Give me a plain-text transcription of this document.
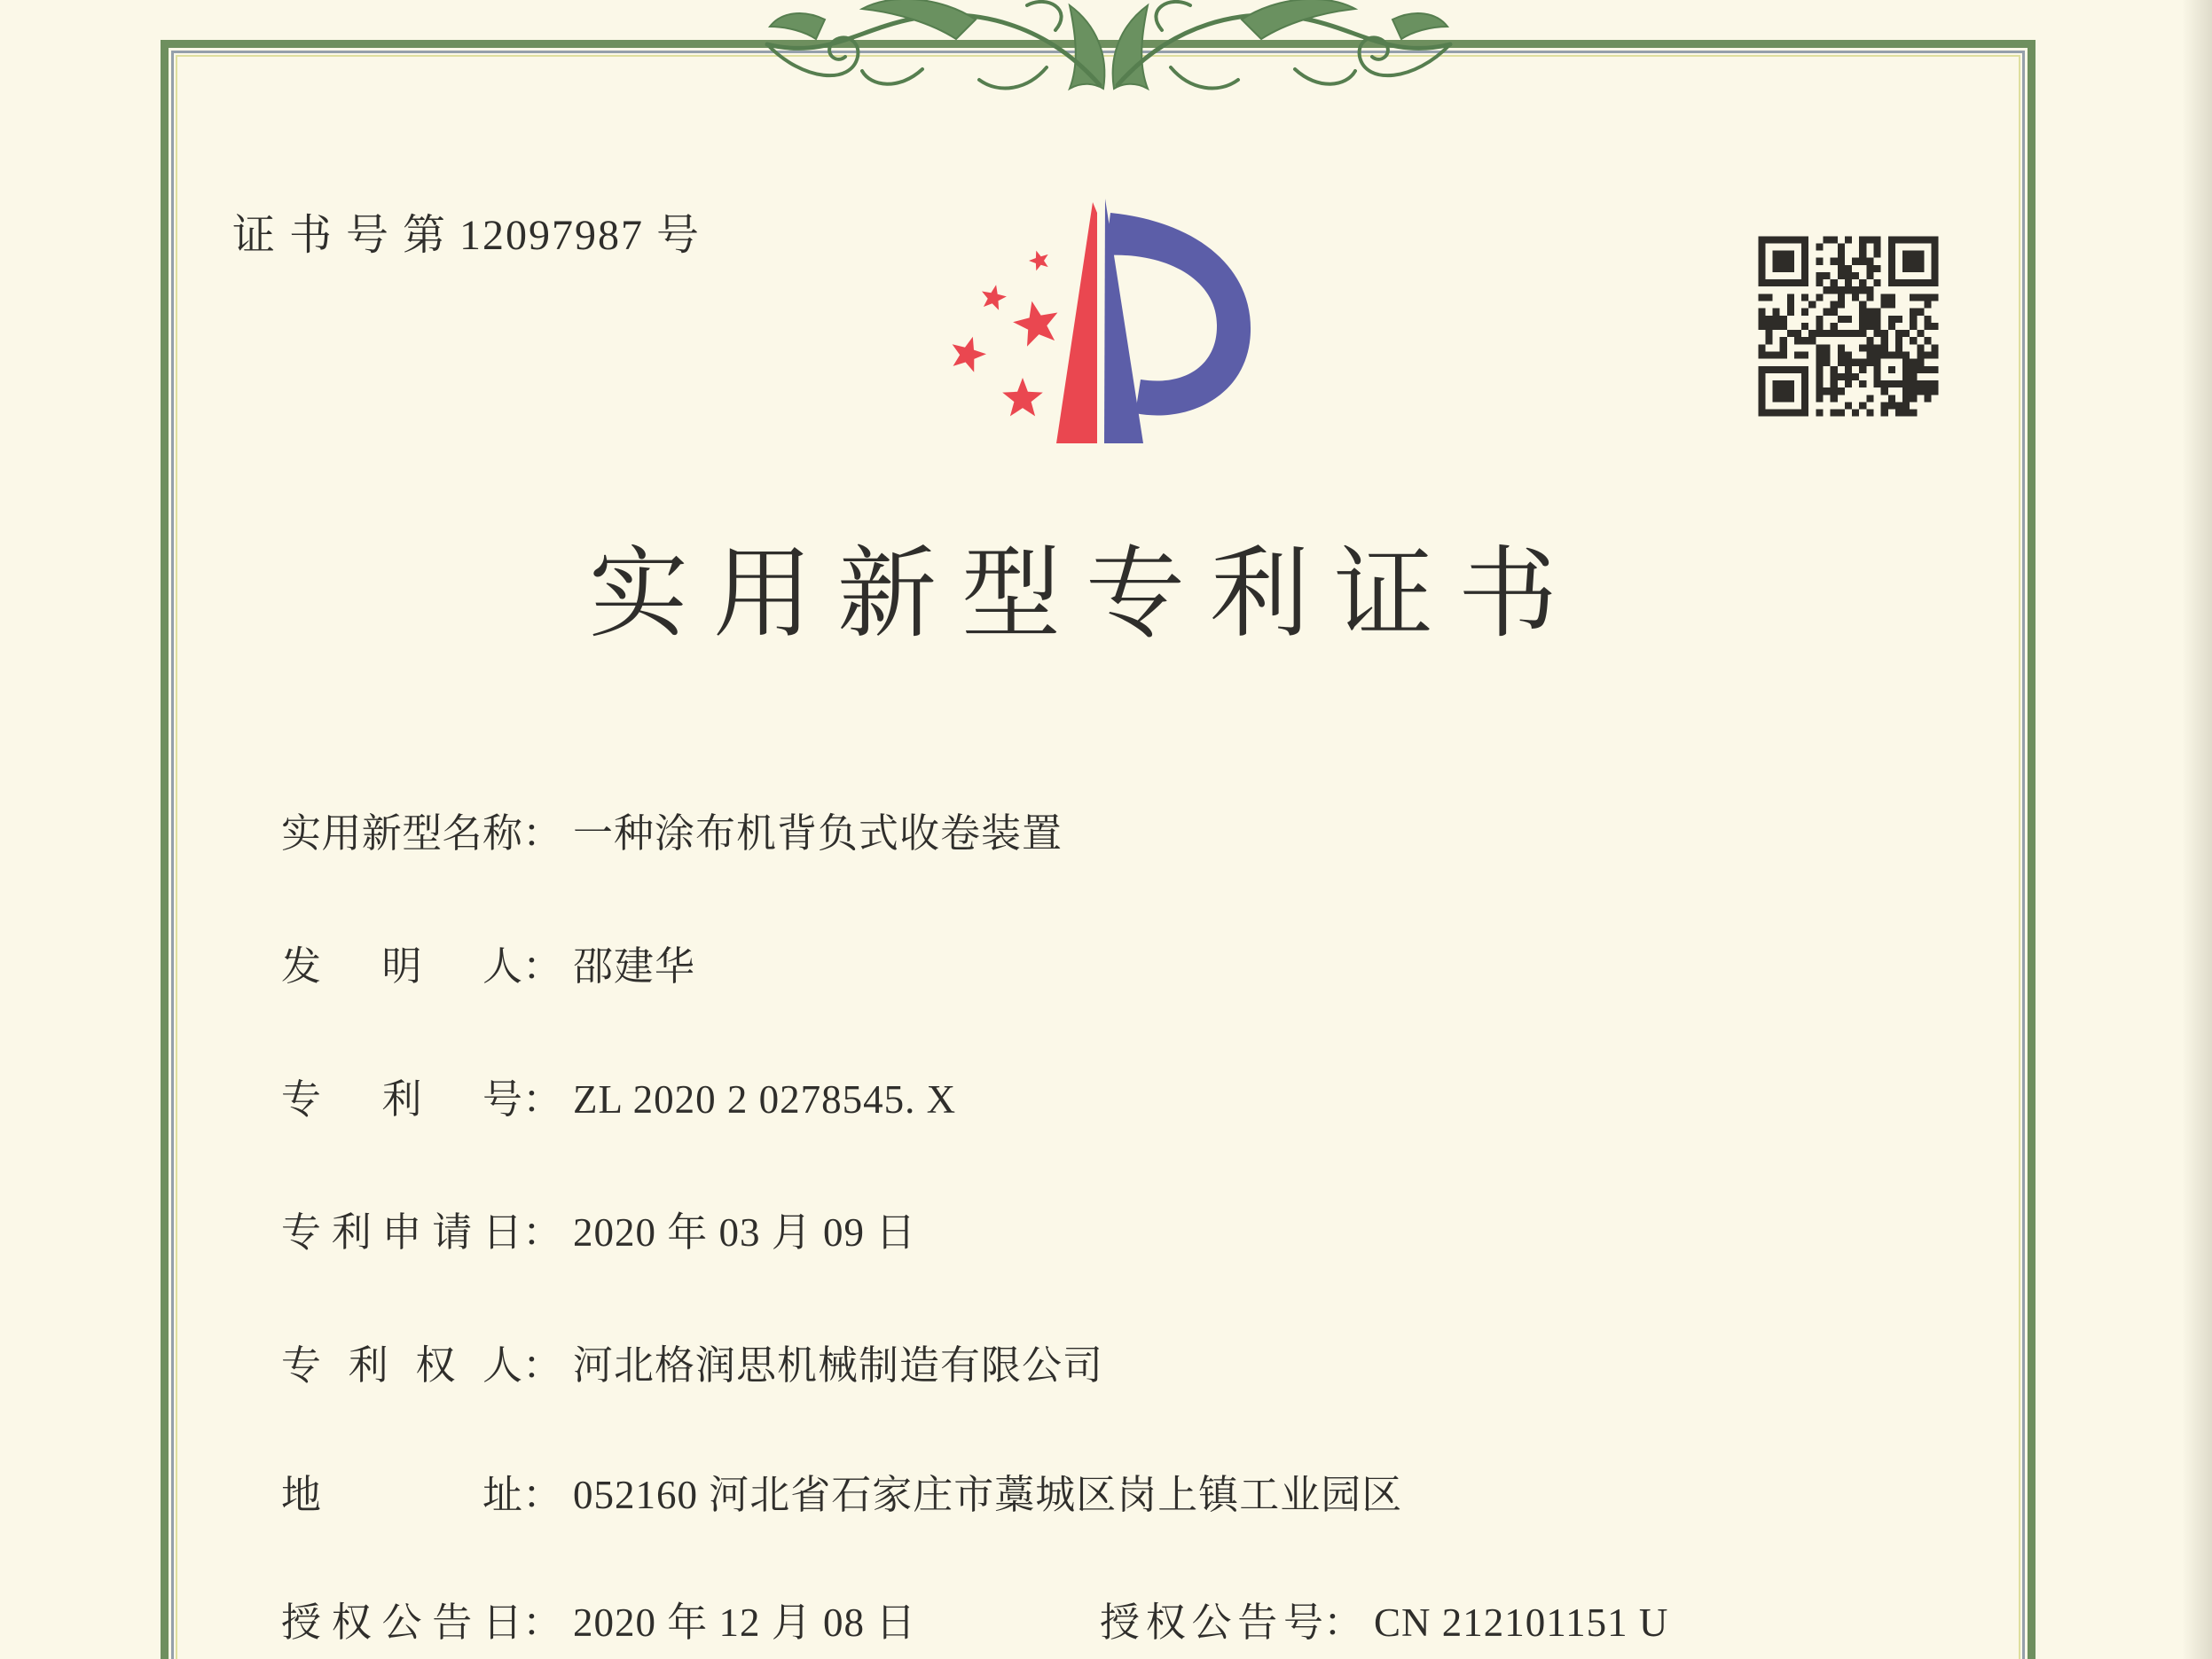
证 书 号 第 12097987 号
实用新型专利证书
实用新型名称： 一种涂布机背负式收卷装置
发明人： 邵建华
专利号： ZL 2020 2 0278545. X
专利申请日： 2020 年 03 月 09 日
专利权人： 河北格润思机械制造有限公司
地址： 052160 河北省石家庄市藁城区岗上镇工业园区
授权公告日： 2020 年 12 月 08 日	授权公告号： CN 212101151 U
